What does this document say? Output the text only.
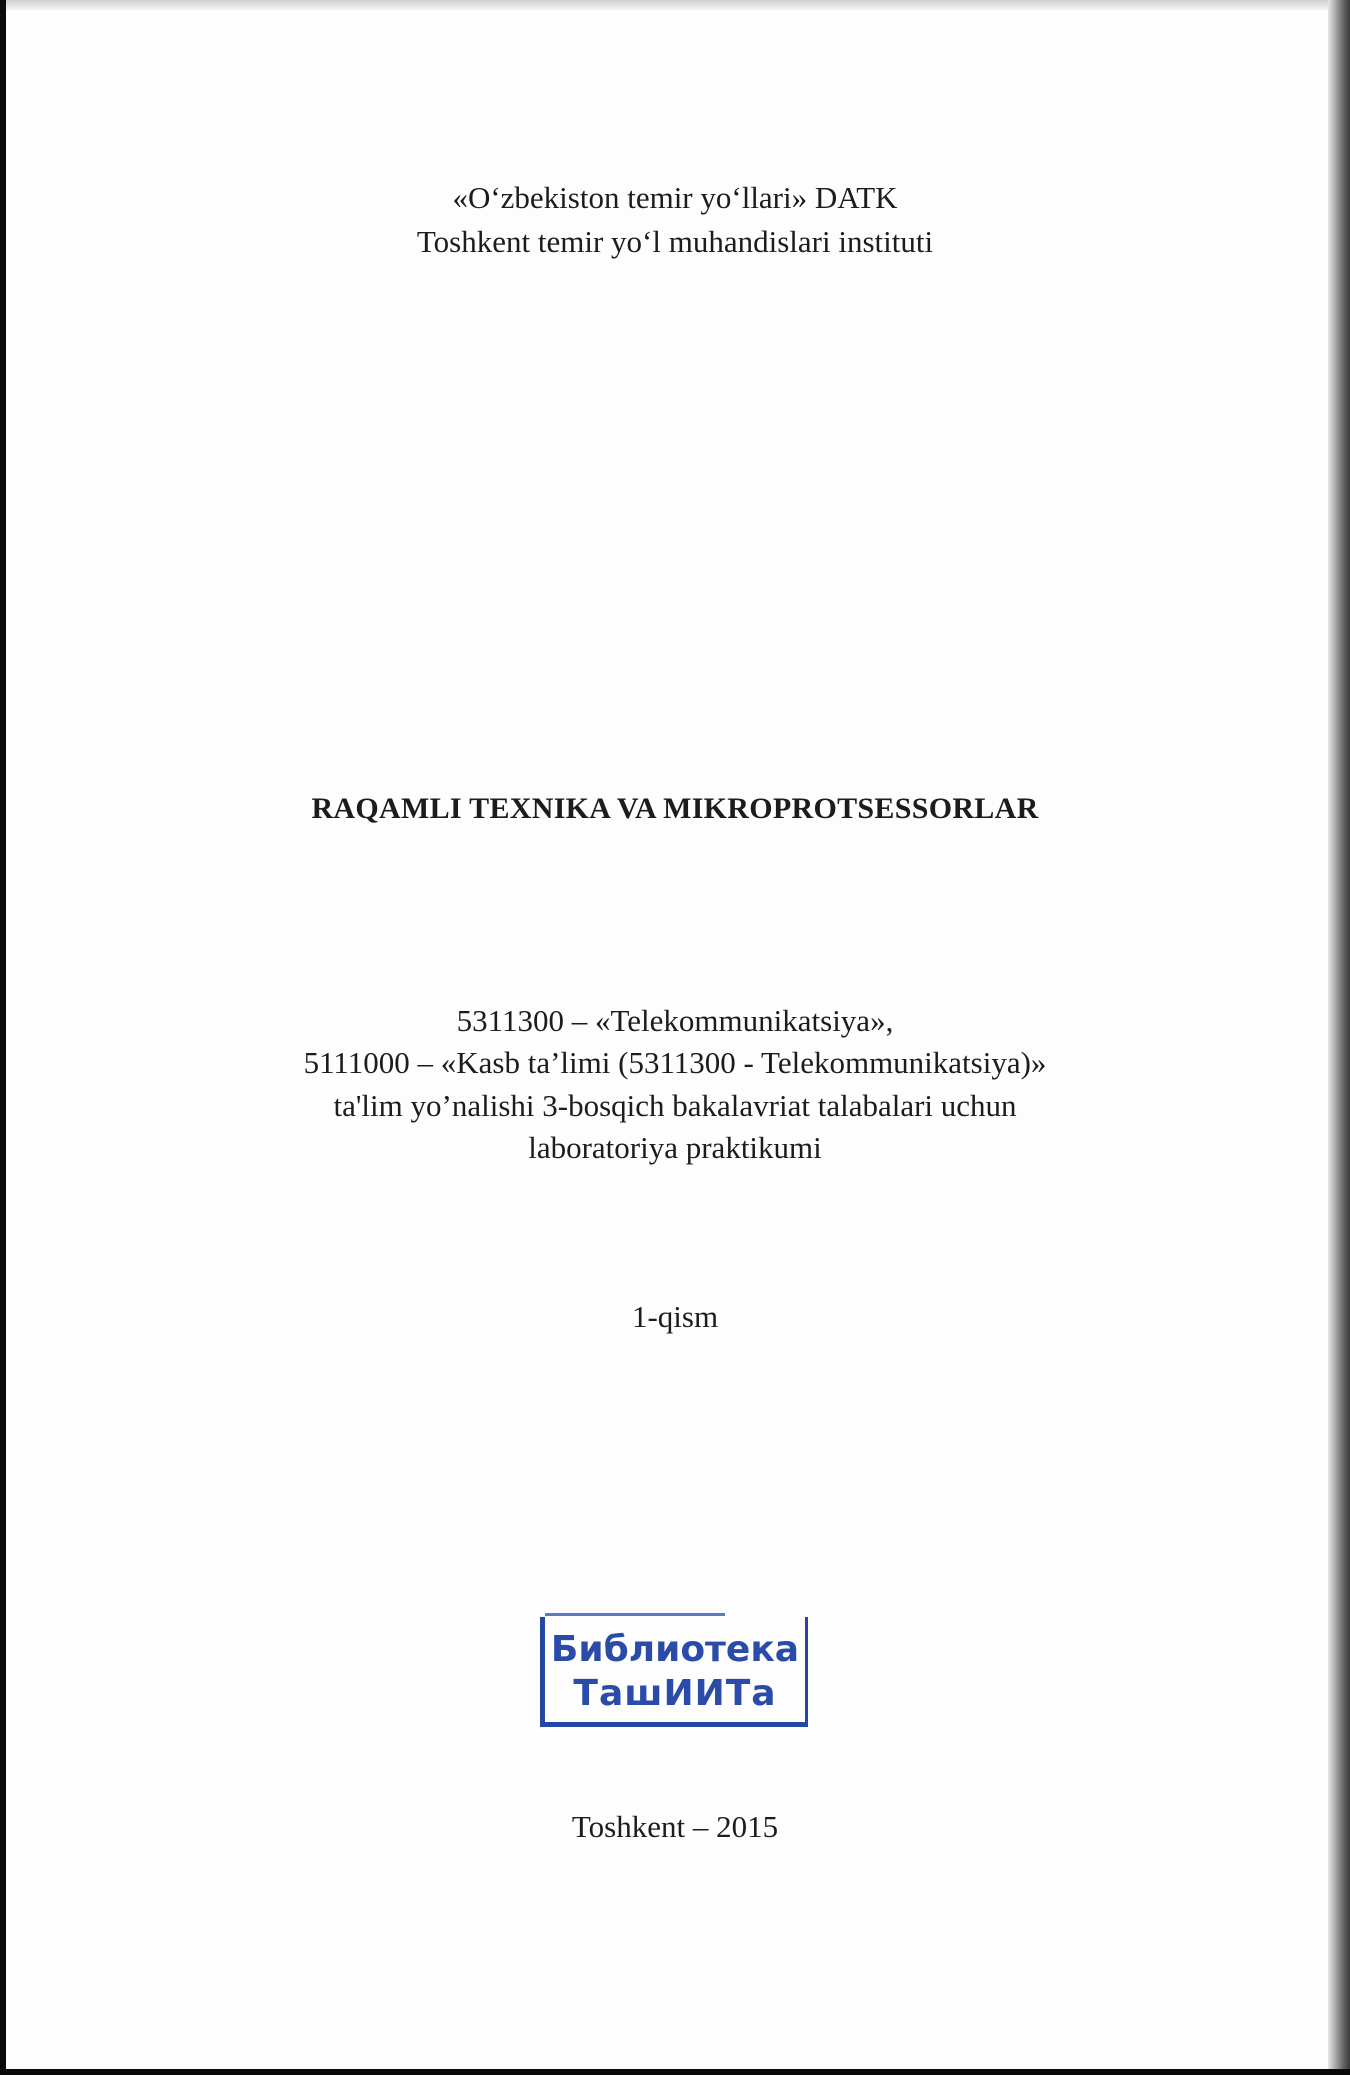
«O‘zbekiston temir yo‘llari» DATK
Toshkent temir yo‘l muhandislari instituti
RAQAMLI TEXNIKA VA MIKROPROTSESSORLAR
5311300 – «Telekommunikatsiya»,
5111000 – «Kasb ta’limi (5311300 - Telekommunikatsiya)»
ta'lim yo’nalishi 3-bosqich bakalavriat talabalari uchun
laboratoriya praktikumi
1-qism
Библиотека
ТашИИТа
Toshkent – 2015
